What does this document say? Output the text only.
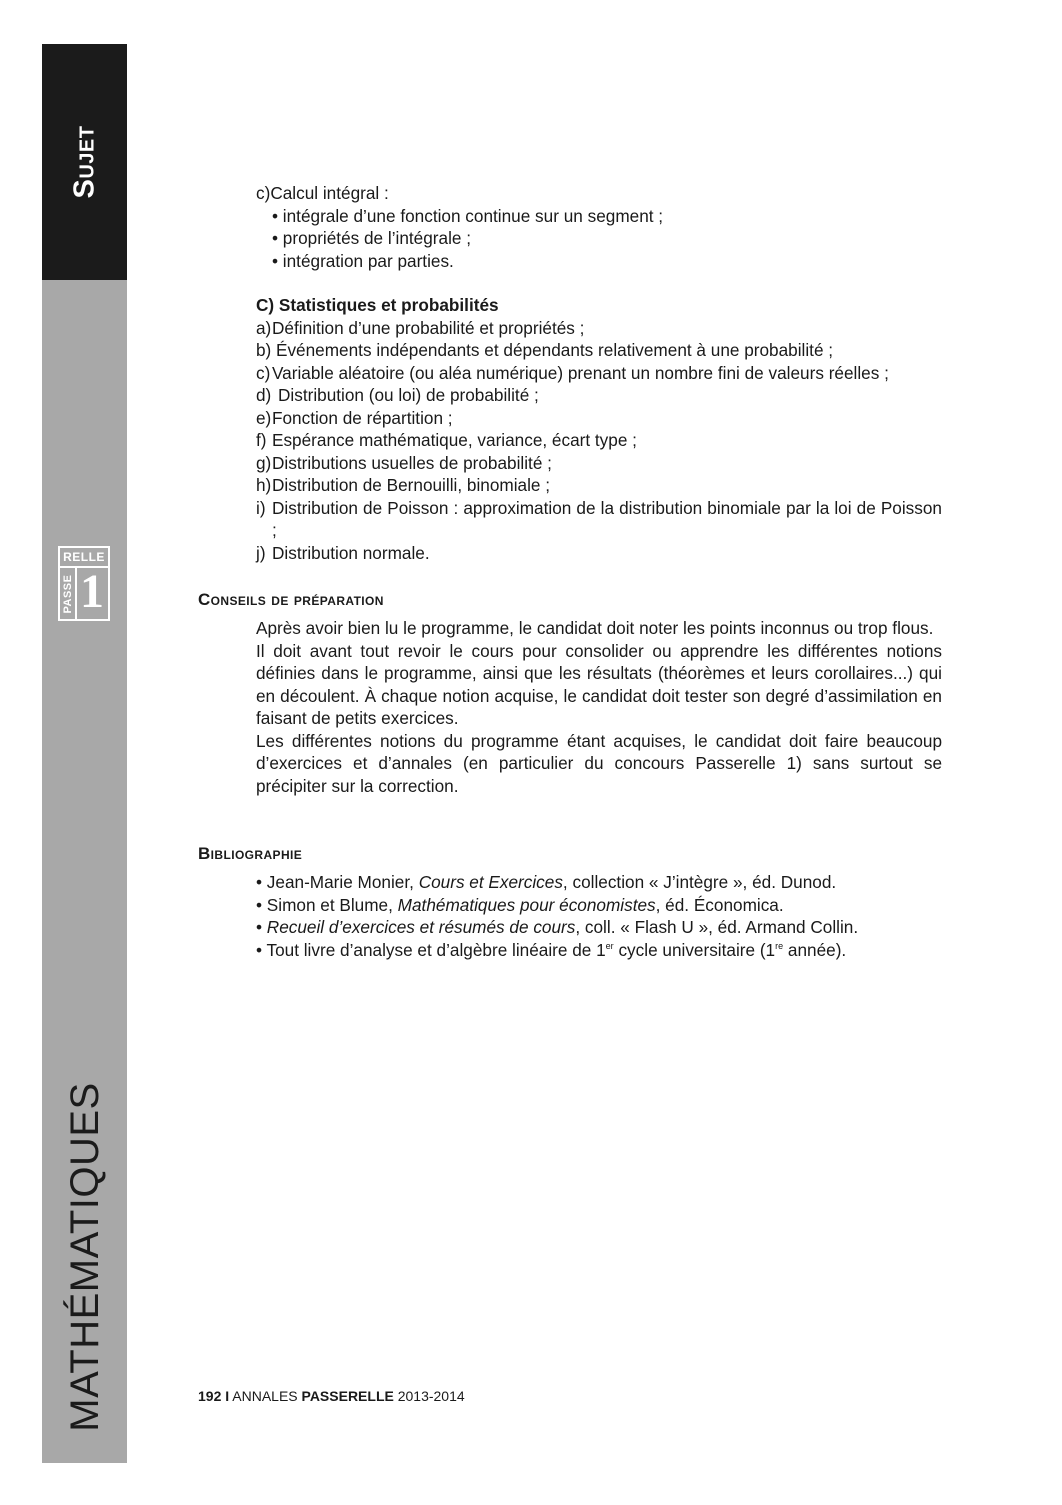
Sujet
MATHÉMATIQUES
RELLE
PASSE 1
c)Calcul intégral :
• intégrale d’une fonction continue sur un segment ;
• propriétés de l’intégrale ;
• intégration par parties.
C) Statistiques et probabilités
a) Définition d’une probabilité et propriétés ;
b) Événements indépendants et dépendants relativement à une probabilité ;
c) Variable aléatoire (ou aléa numérique) prenant un nombre fini de valeurs réelles ;
d) Distribution (ou loi) de probabilité ;
e) Fonction de répartition ;
f) Espérance mathématique, variance, écart type ;
g) Distributions usuelles de probabilité ;
h) Distribution de Bernouilli, binomiale ;
i) Distribution de Poisson : approximation de la distribution binomiale par la loi de Poisson ;
j) Distribution normale.
Conseils de préparation

Après avoir bien lu le programme, le candidat doit noter les points inconnus ou trop flous.

Il doit avant tout revoir le cours pour consolider ou apprendre les différentes notions définies dans le programme, ainsi que les résultats (théorèmes et leurs corollaires...) qui en découlent. À chaque notion acquise, le candidat doit tester son degré d’assimilation en faisant de petits exercices.

Les différentes notions du programme étant acquises, le candidat doit faire beaucoup d’exercices et d’annales (en particulier du concours Passerelle 1) sans surtout se précipiter sur la correction.

Bibliographie
• Jean-Marie Monier, Cours et Exercices, collection « J’intègre », éd. Dunod.
• Simon et Blume, Mathématiques pour économistes, éd. Économica.
• Recueil d’exercices et résumés de cours, coll. « Flash U », éd. Armand Collin.
• Tout livre d’analyse et d’algèbre linéaire de 1er cycle universitaire (1re année).
192 I ANNALES PASSERELLE 2013-2014
